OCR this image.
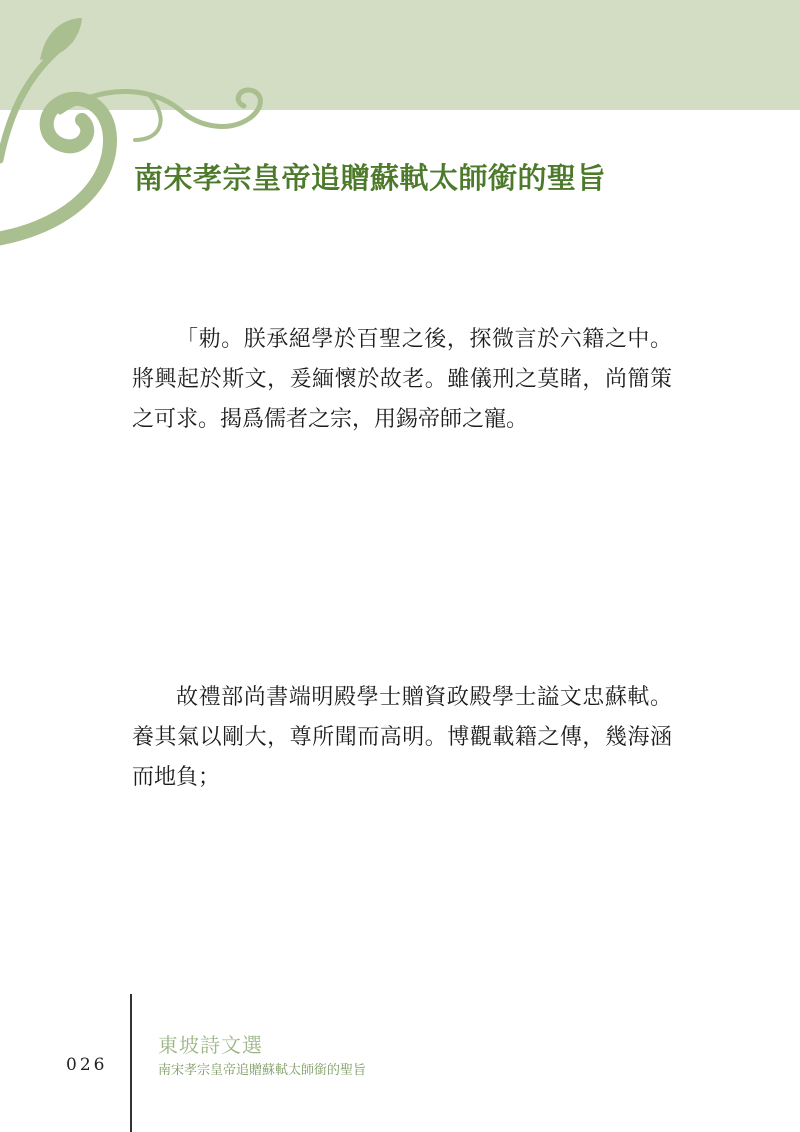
南宋孝宗皇帝追贈蘇軾太師銜的聖旨

「勅。朕承絕學於百聖之後，探微言於六籍之中。將興起於斯文，爰緬懷於故老。雖儀刑之莫睹，尚簡策之可求。揭爲儒者之宗，用錫帝師之寵。

故禮部尚書端明殿學士贈資政殿學士謚文忠蘇軾。養其氣以剛大，尊所聞而高明。博觀載籍之傳，幾海涵而地負；

026
東坡詩文選
南宋孝宗皇帝追贈蘇軾太師銜的聖旨
